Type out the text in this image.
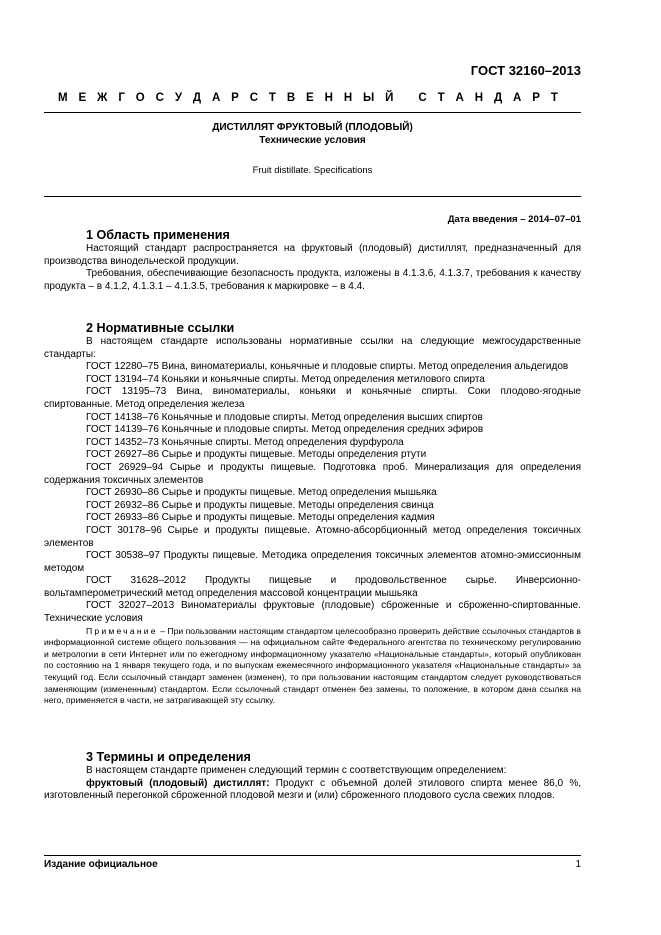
ГОСТ 32160–2013
М Е Ж Г О С У Д А Р С Т В Е Н Н Ы Й
С Т А Н Д А Р Т
ДИСТИЛЛЯТ ФРУКТОВЫЙ (ПЛОДОВЫЙ)
Технические условия
Fruit distillate. Specifications
Дата введения – 2014–07–01
1 Область применения

Настоящий стандарт распространяется на фруктовый (плодовый) дистиллят, предназначенный для производства винодельческой продукции.

Требования, обеспечивающие безопасность продукта, изложены в 4.1.3.6, 4.1.3.7, требования к качеству продукта – в 4.1.2, 4.1.3.1 – 4.1.3.5, требования к маркировке – в 4.4.

2 Нормативные ссылки

В настоящем стандарте использованы нормативные ссылки на следующие межгосударственные стандарты:

ГОСТ 12280–75 Вина, виноматериалы, коньячные и плодовые спирты. Метод определения альдегидов

ГОСТ 13194–74 Коньяки и коньячные спирты. Метод определения метилового спирта

ГОСТ 13195–73 Вина, виноматериалы, коньяки и коньячные спирты. Соки плодово-ягодные спиртованные. Метод определения железа

ГОСТ 14138–76 Коньячные и плодовые спирты. Метод определения высших спиртов

ГОСТ 14139–76 Коньячные и плодовые спирты. Метод определения средних эфиров

ГОСТ 14352–73 Коньячные спирты. Метод определения фурфурола

ГОСТ 26927–86 Сырье и продукты пищевые. Методы определения ртути

ГОСТ 26929–94 Сырье и продукты пищевые. Подготовка проб. Минерализация для определения содержания токсичных элементов

ГОСТ 26930–86 Сырье и продукты пищевые. Метод определения мышьяка

ГОСТ 26932–86 Сырье и продукты пищевые. Методы определения свинца

ГОСТ 26933–86 Сырье и продукты пищевые. Методы определения кадмия

ГОСТ 30178–96 Сырье и продукты пищевые. Атомно-абсорбционный метод определения токсичных элементов

ГОСТ 30538–97 Продукты пищевые. Методика определения токсичных элементов атомно-эмиссионным методом

ГОСТ 31628–2012 Продукты пищевые и продовольственное сырье. Инверсионно-вольтамперометрический метод определения массовой концентрации мышьяка

ГОСТ 32027–2013 Виноматериалы фруктовые (плодовые) сброженные и сброженно-спиртованные. Технические условия

Примечание – При пользовании настоящим стандартом целесообразно проверить действие ссылочных стандартов в информационной системе общего пользования — на официальном сайте Федерального агентства по техническому регулированию и метрологии в сети Интернет или по ежегодному информационному указателю «Национальные стандарты», который опубликован по состоянию на 1 января текущего года, и по выпускам ежемесячного информационного указателя «Национальные стандарты» за текущий год. Если ссылочный стандарт заменен (изменен), то при пользовании настоящим стандартом следует руководствоваться заменяющим (измененным) стандартом. Если ссылочный стандарт отменен без замены, то положение, в котором дана ссылка на него, применяется в части, не затрагивающей эту ссылку.

3 Термины и определения

В настоящем стандарте применен следующий термин с соответствующим определением:

фруктовый (плодовый) дистиллят: Продукт с объемной долей этилового спирта менее 86,0 %, изготовленный перегонкой сброженной плодовой мезги и (или) сброженного плодового сусла свежих плодов.

Издание официальное	1
